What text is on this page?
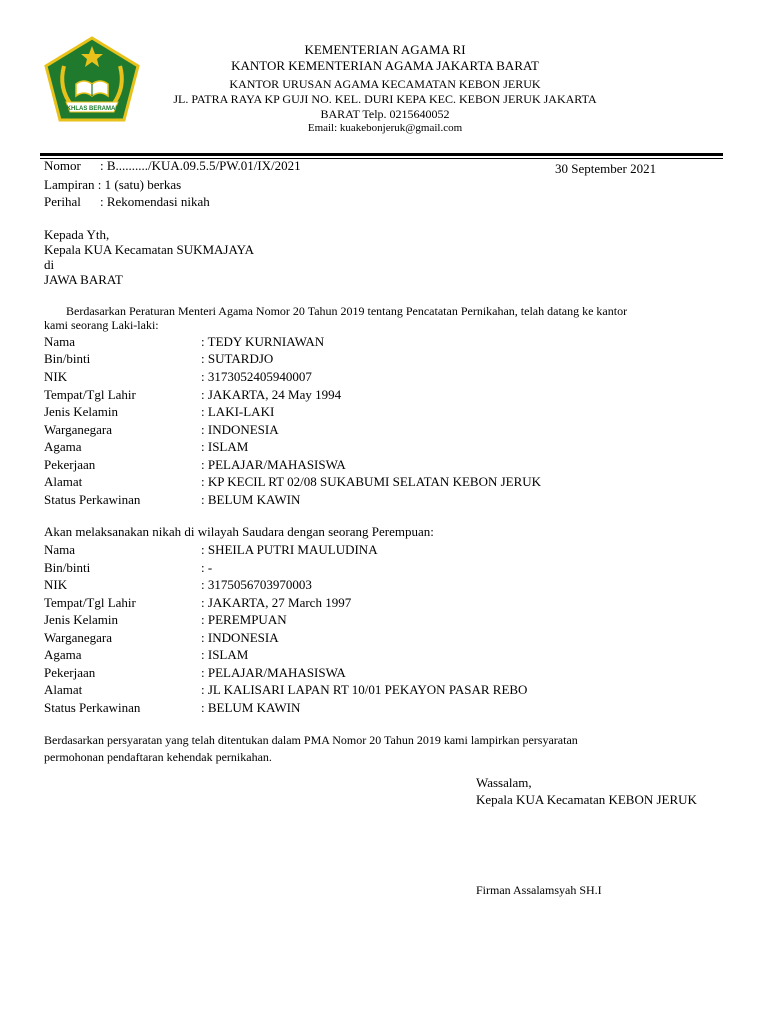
IKHLAS BERAMAL
KEMENTERIAN AGAMA RI
KANTOR KEMENTERIAN AGAMA JAKARTA BARAT
KANTOR URUSAN AGAMA KECAMATAN KEBON JERUK
JL. PATRA RAYA KP GUJI NO. KEL. DURI KEPA KEC. KEBON JERUK JAKARTA
BARAT Telp. 0215640052
Email: kuakebonjeruk@gmail.com
Nomor : B........../KUA.09.5.5/PW.01/IX/2021	30 September 2021
Lampiran : 1 (satu) berkas
Perihal : Rekomendasi nikah
Kepada Yth,
Kepala KUA Kecamatan SUKMAJAYA
di
JAWA BARAT
Berdasarkan Peraturan Menteri Agama Nomor 20 Tahun 2019 tentang Pencatatan Pernikahan, telah datang ke kantor
kami seorang Laki-laki:
Nama	: TEDY KURNIAWAN
Bin/binti	: SUTARDJO
NIK	: 3173052405940007
Tempat/Tgl Lahir	: JAKARTA, 24 May 1994
Jenis Kelamin	: LAKI-LAKI
Warganegara	: INDONESIA
Agama	: ISLAM
Pekerjaan	: PELAJAR/MAHASISWA
Alamat	: KP KECIL RT 02/08 SUKABUMI SELATAN KEBON JERUK
Status Perkawinan	: BELUM KAWIN
Akan melaksanakan nikah di wilayah Saudara dengan seorang Perempuan:
Nama	: SHEILA PUTRI MAULUDINA
Bin/binti	: -
NIK	: 3175056703970003
Tempat/Tgl Lahir	: JAKARTA, 27 March 1997
Jenis Kelamin	: PEREMPUAN
Warganegara	: INDONESIA
Agama	: ISLAM
Pekerjaan	: PELAJAR/MAHASISWA
Alamat	: JL KALISARI LAPAN RT 10/01 PEKAYON PASAR REBO
Status Perkawinan	: BELUM KAWIN
Berdasarkan persyaratan yang telah ditentukan dalam PMA Nomor 20 Tahun 2019 kami lampirkan persyaratan
permohonan pendaftaran kehendak pernikahan.
Wassalam,
Kepala KUA Kecamatan KEBON JERUK
Firman Assalamsyah SH.I
